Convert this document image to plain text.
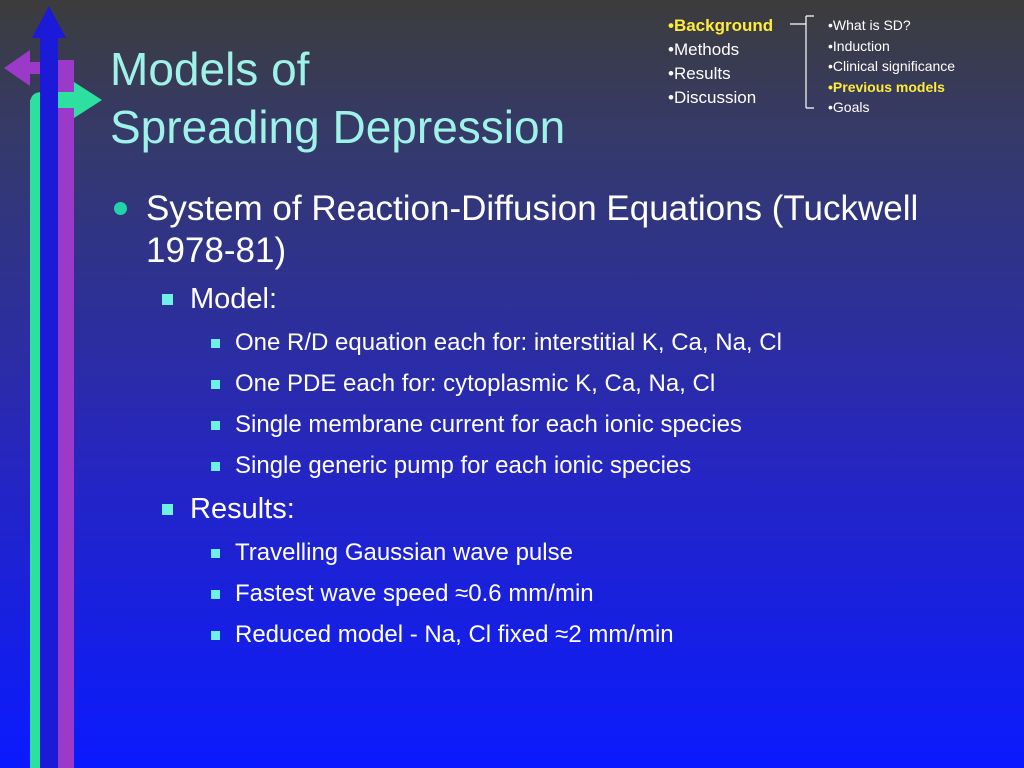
Models of
Spreading Depression
•Background
•Methods
•Results
•Discussion
•What is SD?
•Induction
•Clinical significance
•Previous models
•Goals
System of Reaction-Diffusion Equations (Tuckwell 1978-81)
Model:
One R/D equation each for: interstitial K, Ca, Na, Cl
One PDE each for: cytoplasmic K, Ca, Na, Cl
Single membrane current for each ionic species
Single generic pump for each ionic species
Results:
Travelling Gaussian wave pulse
Fastest wave speed ≈0.6 mm/min
Reduced model - Na, Cl fixed ≈2 mm/min
